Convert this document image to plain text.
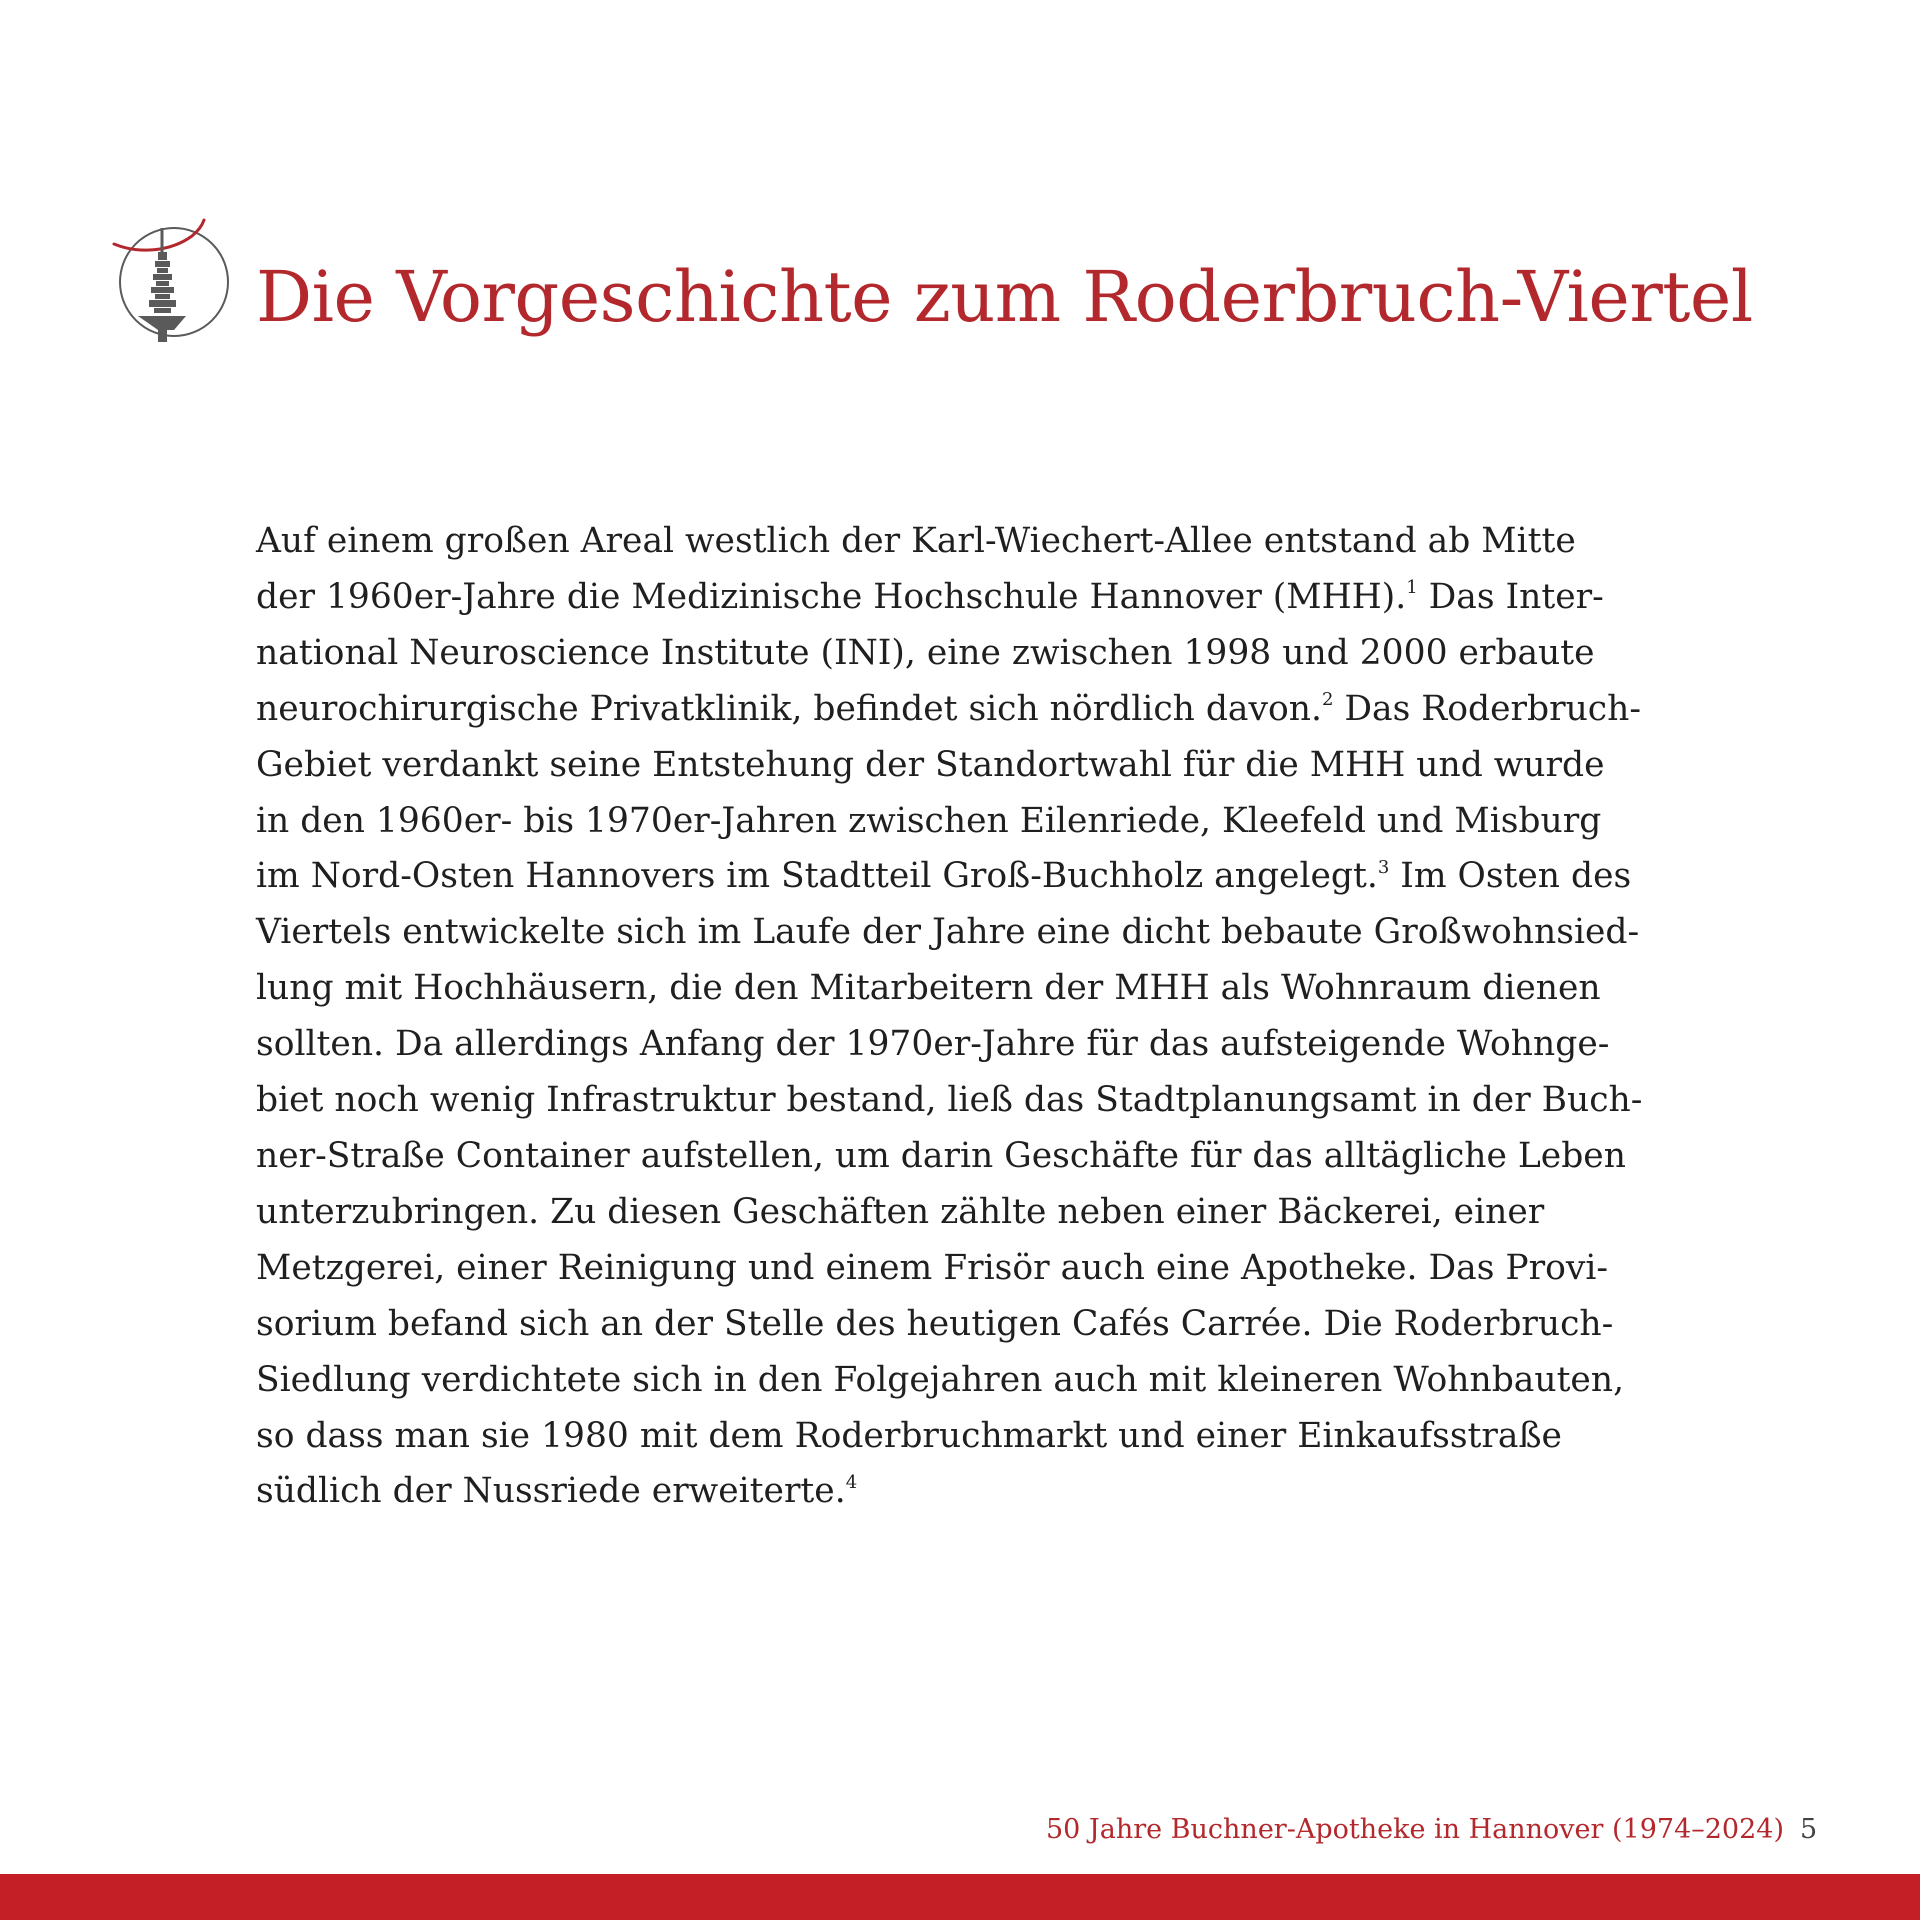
Die Vorgeschichte zum Roderbruch-Viertel
Auf einem großen Areal westlich der Karl-Wiechert-Allee entstand ab Mitte
der 1960er-Jahre die Medizinische Hochschule Hannover (MHH).$^1$ Das Inter-
national Neuroscience Institute (INI), eine zwischen 1998 und 2000 erbaute
neurochirurgische Privatklinik, befindet sich nördlich davon.$^2$ Das Roderbruch-
Gebiet verdankt seine Entstehung der Standortwahl für die MHH und wurde
in den 1960er- bis 1970er-Jahren zwischen Eilenriede, Kleefeld und Misburg
im Nord-Osten Hannovers im Stadtteil Groß-Buchholz angelegt.$^3$ Im Osten des
Viertels entwickelte sich im Laufe der Jahre eine dicht bebaute Großwohnsied-
lung mit Hochhäusern, die den Mitarbeitern der MHH als Wohnraum dienen
sollten. Da allerdings Anfang der 1970er-Jahre für das aufsteigende Wohnge-
biet noch wenig Infrastruktur bestand, ließ das Stadtplanungsamt in der Buch-
ner-Straße Container aufstellen, um darin Geschäfte für das alltägliche Leben
unterzubringen. Zu diesen Geschäften zählte neben einer Bäckerei, einer
Metzgerei, einer Reinigung und einem Frisör auch eine Apotheke. Das Provi-
sorium befand sich an der Stelle des heutigen Cafés Carrée. Die Roderbruch-
Siedlung verdichtete sich in den Folgejahren auch mit kleineren Wohnbauten,
so dass man sie 1980 mit dem Roderbruchmarkt und einer Einkaufsstraße
südlich der Nussriede erweiterte.$^4$
50 Jahre Buchner-Apotheke in Hannover (1974–2024) 5
